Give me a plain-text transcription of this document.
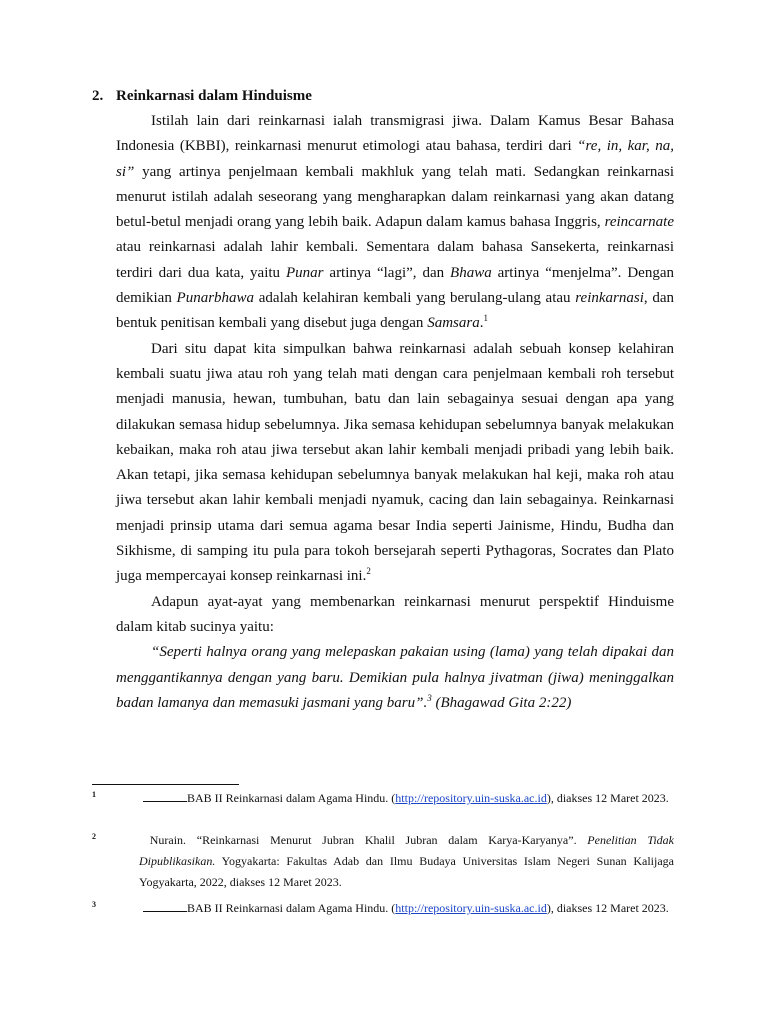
2. Reinkarnasi dalam Hinduisme

Istilah lain dari reinkarnasi ialah transmigrasi jiwa. Dalam Kamus Besar Bahasa Indonesia (KBBI), reinkarnasi menurut etimologi atau bahasa, terdiri dari “re, in, kar, na, si” yang artinya penjelmaan kembali makhluk yang telah mati. Sedangkan reinkarnasi menurut istilah adalah seseorang yang mengharapkan dalam reinkarnasi yang akan datang betul-betul menjadi orang yang lebih baik. Adapun dalam kamus bahasa Inggris, reincarnate atau reinkarnasi adalah lahir kembali. Sementara dalam bahasa Sansekerta, reinkarnasi terdiri dari dua kata, yaitu Punar artinya “lagi”, dan Bhawa artinya “menjelma”. Dengan demikian Punarbhawa adalah kelahiran kembali yang berulang-ulang atau reinkarnasi, dan bentuk penitisan kembali yang disebut juga dengan Samsara.$^1$

Dari situ dapat kita simpulkan bahwa reinkarnasi adalah sebuah konsep kelahiran kembali suatu jiwa atau roh yang telah mati dengan cara penjelmaan kembali roh tersebut menjadi manusia, hewan, tumbuhan, batu dan lain sebagainya sesuai dengan apa yang dilakukan semasa hidup sebelumnya. Jika semasa kehidupan sebelumnya banyak melakukan kebaikan, maka roh atau jiwa tersebut akan lahir kembali menjadi pribadi yang lebih baik. Akan tetapi, jika semasa kehidupan sebelumnya banyak melakukan hal keji, maka roh atau jiwa tersebut akan lahir kembali menjadi nyamuk, cacing dan lain sebagainya. Reinkarnasi menjadi prinsip utama dari semua agama besar India seperti Jainisme, Hindu, Budha dan Sikhisme, di samping itu pula para tokoh bersejarah seperti Pythagoras, Socrates dan Plato juga mempercayai konsep reinkarnasi ini.$^2$

Adapun ayat-ayat yang membenarkan reinkarnasi menurut perspektif Hinduisme dalam kitab sucinya yaitu:

“Seperti halnya orang yang melepaskan pakaian using (lama) yang telah dipakai dan menggantikannya dengan yang baru. Demikian pula halnya jivatman (jiwa) meninggalkan badan lamanya dan memasuki jasmani yang baru”.$^3$ (Bhagawad Gita 2:22)

1	BAB II Reinkarnasi dalam Agama Hindu. (http://repository.uin-suska.ac.id), diakses 12 Maret 2023.
2	Nurain. “Reinkarnasi Menurut Jubran Khalil Jubran dalam Karya-Karyanya”. Penelitian Tidak Dipublikasikan. Yogyakarta: Fakultas Adab dan Ilmu Budaya Universitas Islam Negeri Sunan Kalijaga Yogyakarta, 2022, diakses 12 Maret 2023.
3	BAB II Reinkarnasi dalam Agama Hindu. (http://repository.uin-suska.ac.id), diakses 12 Maret 2023.
